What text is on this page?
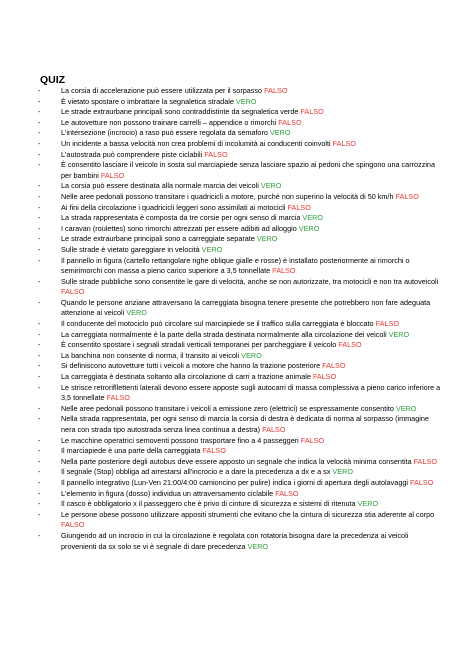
QUIZ
-	La corsia di accelerazione può essere utilizzata per il sorpasso FALSO
-	È vietato spostare o imbrattare la segnaletica stradale VERO
-	Le strade extraurbane principali sono contraddistinte da segnaletica verde FALSO
-	Le autovetture non possono trainare carrelli – appendice o rimorchi FALSO
-	L'intersezione (incrocio) a raso può essere regolata da semaforo VERO
-	Un incidente a bassa velocità non crea problemi di incolumità ai conducenti coinvolti FALSO
-	L'autostrada può comprendere piste ciclabili FALSO
-	È consentito lasciare il veicolo in sosta sul marciapiede senza lasciare spazio ai pedoni che spingono una carrozzina per bambini FALSO
-	La corsia può essere destinata alla normale marcia dei veicoli VERO
-	Nelle aree pedonali possono transitare i quadricicli a motore, purché non superino la velocità di 50 km/h FALSO
-	Ai fini della circolazione i quadricicli leggeri sono assimilati ai motocicli FALSO
-	La strada rappresentata è composta da tre corsie per ogni senso di marcia VERO
-	I caravan (roulettes) sono rimorchi attrezzati per essere adibiti ad alloggio VERO
-	Le strade extraurbane principali sono a carreggiate separate VERO
-	Sulle strade è vietato gareggiare in velocità VERO
-	Il pannello in figura (cartello rettangolare righe oblique gialle e rosse) è installato posteriormente ai rimorchi o semirimorchi con massa a pieno carico superiore a 3,5 tonnellate FALSO
-	Sulle strade pubbliche sono consentite le gare di velocità, anche se non autorizzate, tra motocicli e non tra autoveicoli FALSO
-	Quando le persone anziane attraversano la carreggiata bisogna tenere presente che potrebbero non fare adeguata attenzione ai veicoli VERO
-	Il conducente del motociclo può circolare sul marciapiede se il traffico sulla carreggiata è bloccato FALSO
-	La carreggiata normalmente è la parte della strada destinata normalmente alla circolazione dei veicoli VERO
-	È consentito spostare i segnali stradali verticali temporanei per parcheggiare il veicolo FALSO
-	La banchina non consente di norma, il transito ai veicoli VERO
-	Si definiscono autovetture tutti i veicoli a motore che hanno la trazione posteriore FALSO
-	La carreggiata è destinata soltanto alla circolazione di carri a trazione animale FALSO
-	Le strisce retrorifllettenti laterali devono essere apposte sugli autocarri di massa complessiva a pieno carico inferiore a 3,5 tonnellate FALSO
-	Nelle aree pedonali possono transitare i veicoli a emissione zero (elettrici) se espressamente consentito VERO
-	Nella strada rappresentata, per ogni senso di marcia la corsia di destra è dedicata di norma al sorpasso (immagine nera con strada tipo autostrada senza linea continua a destra) FALSO
-	Le macchine operatrici semoventi possono trasportare fino a 4 passeggeri FALSO
-	Il marciapiede è una parte della carreggiata FALSO
-	Nella parte posteriore degli autobus deve essere apposto un segnale che indica la velocità minima consentita FALSO
-	Il segnale (Stop) obbliga ad arrestarsi all'incrocio e a dare la precedenza a dx e a sx VERO
-	Il pannello integrativo (Lun-Ven 21:00/4:00 camioncino per pulire) indica i giorni di apertura degli autolavaggi FALSO
-	L'elemento in figura (dosso) individua un attraversamento ciclabile FALSO
-	Il casco è obbligatorio x il passeggero che è privo di cinture di sicurezza e sistemi di ritenuta VERO
-	Le persone obese possono utilizzare appositi strumenti che evitano che la cintura di sicurezza stia aderente al corpo FALSO
-	Giungendo ad un incrocio in cui la circolazione è regolata con rotatoria bisogna dare la precedenza ai veicoli provenienti da sx solo se vi è segnale di dare precedenza VERO
